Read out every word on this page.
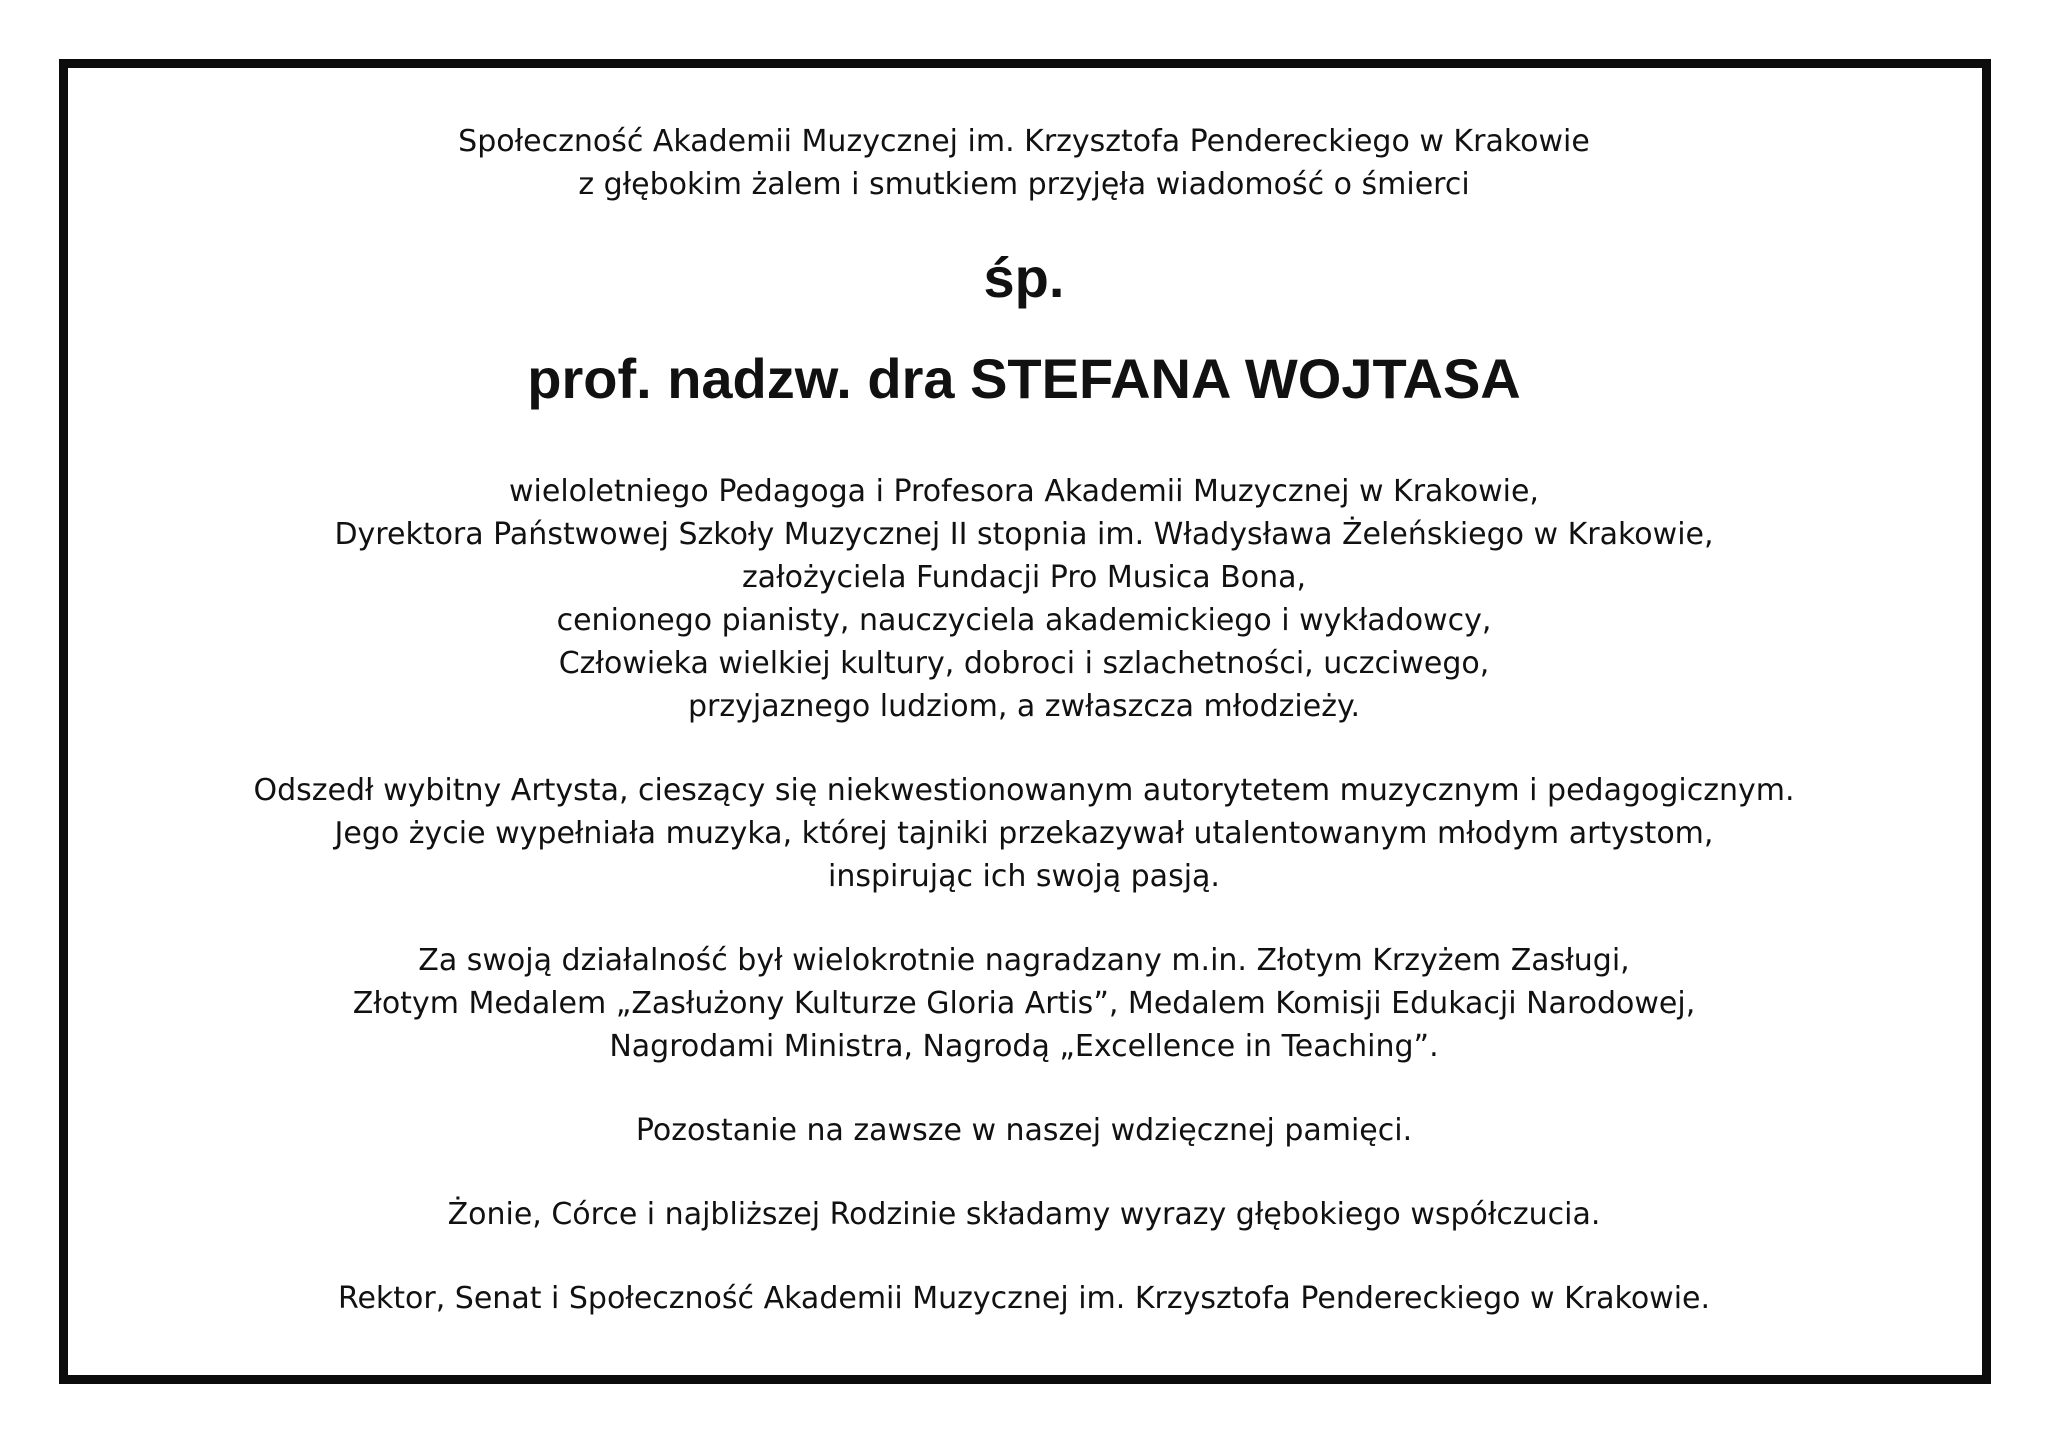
Społeczność Akademii Muzycznej im. Krzysztofa Pendereckiego w Krakowie
z głębokim żalem i smutkiem przyjęła wiadomość o śmierci
śp.
prof. nadzw. dra STEFANA WOJTASA
wieloletniego Pedagoga i Profesora Akademii Muzycznej w Krakowie,
Dyrektora Państwowej Szkoły Muzycznej II stopnia im. Władysława Żeleńskiego w Krakowie,
założyciela Fundacji Pro Musica Bona,
cenionego pianisty, nauczyciela akademickiego i wykładowcy,
Człowieka wielkiej kultury, dobroci i szlachetności, uczciwego,
przyjaznego ludziom, a zwłaszcza młodzieży.
Odszedł wybitny Artysta, cieszący się niekwestionowanym autorytetem muzycznym i pedagogicznym.
Jego życie wypełniała muzyka, której tajniki przekazywał utalentowanym młodym artystom,
inspirując ich swoją pasją.
Za swoją działalność był wielokrotnie nagradzany m.in. Złotym Krzyżem Zasługi,
Złotym Medalem „Zasłużony Kulturze Gloria Artis”, Medalem Komisji Edukacji Narodowej,
Nagrodami Ministra, Nagrodą „Excellence in Teaching”.
Pozostanie na zawsze w naszej wdzięcznej pamięci.
Żonie, Córce i najbliższej Rodzinie składamy wyrazy głębokiego współczucia.
Rektor, Senat i Społeczność Akademii Muzycznej im. Krzysztofa Pendereckiego w Krakowie.
